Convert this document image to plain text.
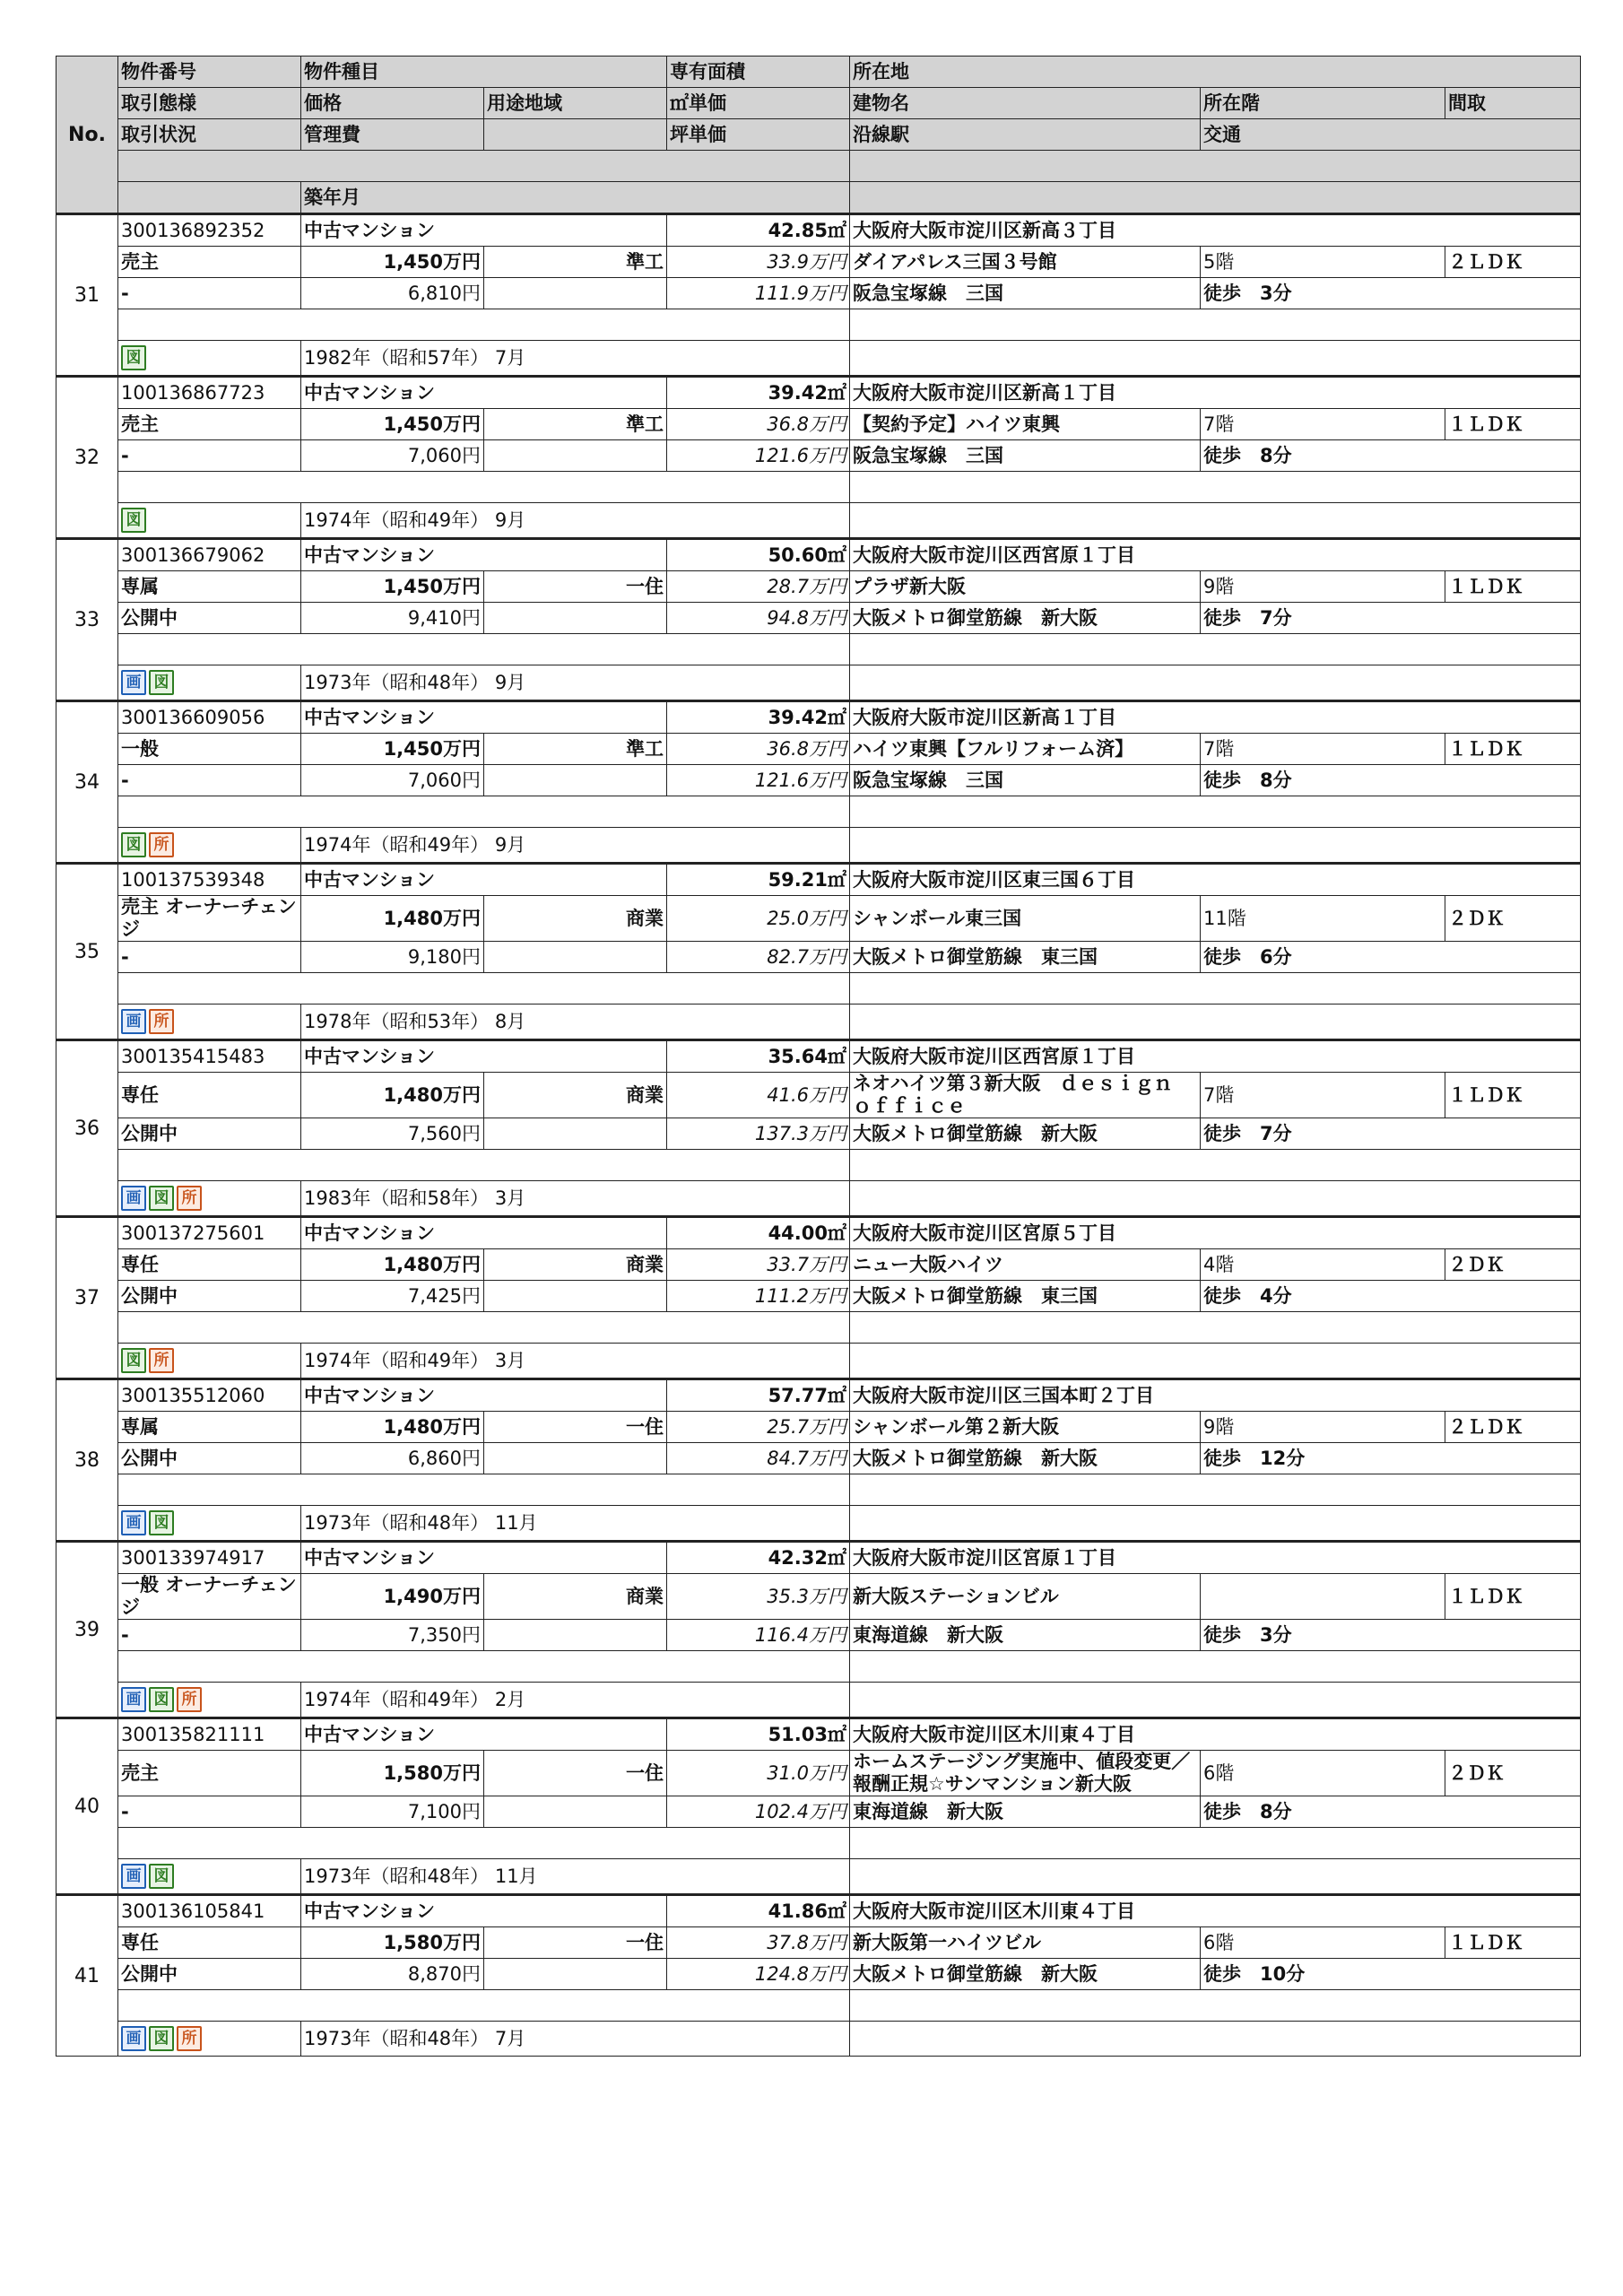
No.	物件番号	物件種目		専有面積	所在地		
	取引態様	価格	用途地域	㎡単価	建物名	所在階	間取
	取引状況	管理費		坪単価	沿線駅	交通	

		築年月					
31	300136892352	中古マンション		42.85㎡	大阪府大阪市淀川区新高３丁目		
	売主	1,450万円	準工	33.9万円	ダイアパレス三国３号館	5階	２ＬＤＫ
	-	6,810円		111.9万円	阪急宝塚線　三国	徒歩　3分	

図	1982年（昭和57年） 7月					
32	100136867723	中古マンション		39.42㎡	大阪府大阪市淀川区新高１丁目		
	売主	1,450万円	準工	36.8万円	【契約予定】ハイツ東興	7階	１ＬＤＫ
	-	7,060円		121.6万円	阪急宝塚線　三国	徒歩　8分	

図	1974年（昭和49年） 9月					
33	300136679062	中古マンション		50.60㎡	大阪府大阪市淀川区西宮原１丁目		
	専属	1,450万円	一住	28.7万円	プラザ新大阪	9階	１ＬＤＫ
	公開中	9,410円		94.8万円	大阪メトロ御堂筋線　新大阪	徒歩　7分	

画 図	1973年（昭和48年） 9月					
34	300136609056	中古マンション		39.42㎡	大阪府大阪市淀川区新高１丁目		
	一般	1,450万円	準工	36.8万円	ハイツ東興【フルリフォーム済】	7階	１ＬＤＫ
	-	7,060円		121.6万円	阪急宝塚線　三国	徒歩　8分	

図 所	1974年（昭和49年） 9月					
35	100137539348	中古マンション		59.21㎡	大阪府大阪市淀川区東三国６丁目		
	売主 オーナーチェンジ	1,480万円	商業	25.0万円	シャンボール東三国	11階	２ＤＫ
	-	9,180円		82.7万円	大阪メトロ御堂筋線　東三国	徒歩　6分	

画 所	1978年（昭和53年） 8月					
36	300135415483	中古マンション		35.64㎡	大阪府大阪市淀川区西宮原１丁目		
	専任	1,480万円	商業	41.6万円	ネオハイツ第３新大阪　ｄｅｓｉｇｎ　ｏｆｆｉｃｅ	7階	１ＬＤＫ
	公開中	7,560円		137.3万円	大阪メトロ御堂筋線　新大阪	徒歩　7分	

画 図 所	1983年（昭和58年） 3月					
37	300137275601	中古マンション		44.00㎡	大阪府大阪市淀川区宮原５丁目		
	専任	1,480万円	商業	33.7万円	ニュー大阪ハイツ	4階	２ＤＫ
	公開中	7,425円		111.2万円	大阪メトロ御堂筋線　東三国	徒歩　4分	

図 所	1974年（昭和49年） 3月					
38	300135512060	中古マンション		57.77㎡	大阪府大阪市淀川区三国本町２丁目		
	専属	1,480万円	一住	25.7万円	シャンボール第２新大阪	9階	２ＬＤＫ
	公開中	6,860円		84.7万円	大阪メトロ御堂筋線　新大阪	徒歩　12分	

画 図	1973年（昭和48年） 11月					
39	300133974917	中古マンション		42.32㎡	大阪府大阪市淀川区宮原１丁目		
	一般 オーナーチェンジ	1,490万円	商業	35.3万円	新大阪ステーションビル		１ＬＤＫ
	-	7,350円		116.4万円	東海道線　新大阪	徒歩　3分	

画 図 所	1974年（昭和49年） 2月					
40	300135821111	中古マンション		51.03㎡	大阪府大阪市淀川区木川東４丁目		
	売主	1,580万円	一住	31.0万円	ホームステージング実施中、値段変更／報酬正規☆サンマンション新大阪	6階	２ＤＫ
	-	7,100円		102.4万円	東海道線　新大阪	徒歩　8分	

画 図	1973年（昭和48年） 11月					
41	300136105841	中古マンション		41.86㎡	大阪府大阪市淀川区木川東４丁目		
	専任	1,580万円	一住	37.8万円	新大阪第一ハイツビル	6階	１ＬＤＫ
	公開中	8,870円		124.8万円	大阪メトロ御堂筋線　新大阪	徒歩　10分	

画 図 所	1973年（昭和48年） 7月					
